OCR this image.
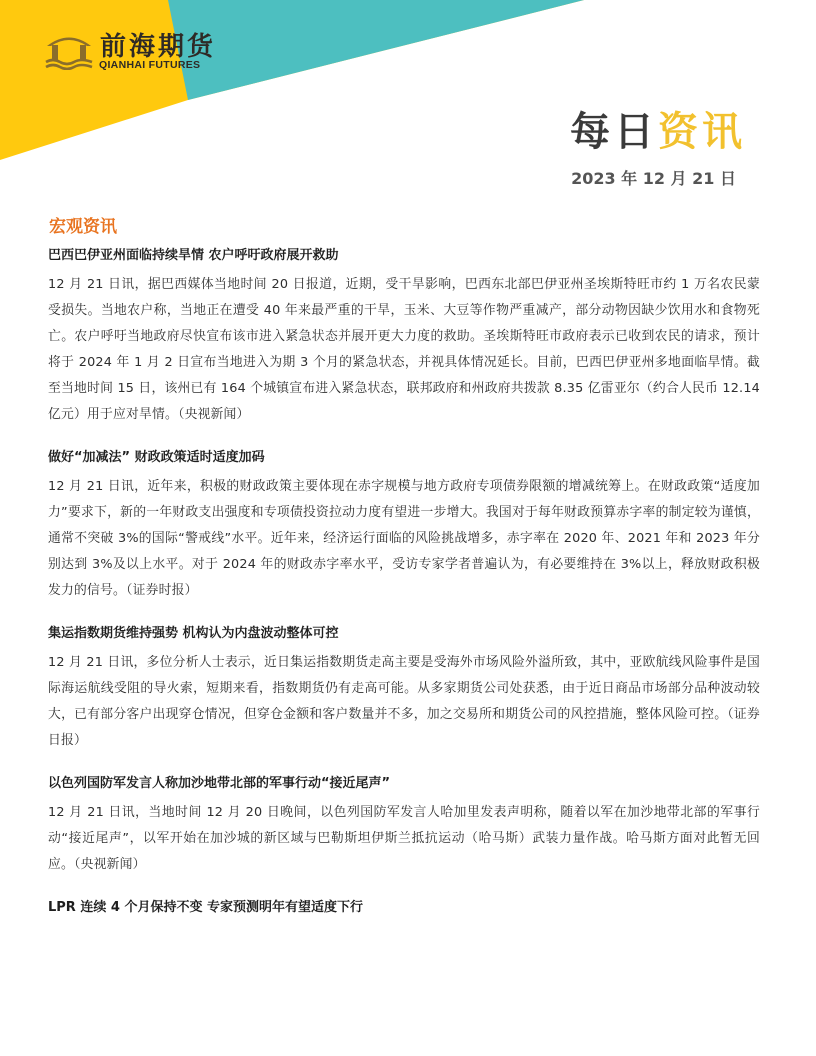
前海期货
QIANHAI FUTURES
每日资讯
2023 年 12 月 21 日
宏观资讯
巴西巴伊亚州面临持续旱情 农户呼吁政府展开救助

12 月 21 日讯，据巴西媒体当地时间 20 日报道，近期，受干旱影响，巴西东北部巴伊亚州圣埃斯特旺市约 1 万名农民蒙受损失。当地农户称，当地正在遭受 40 年来最严重的干旱，玉米、大豆等作物严重减产，部分动物因缺少饮用水和食物死亡。农户呼吁当地政府尽快宣布该市进入紧急状态并展开更大力度的救助。圣埃斯特旺市政府表示已收到农民的请求，预计将于 2024 年 1 月 2 日宣布当地进入为期 3 个月的紧急状态，并视具体情况延长。目前，巴西巴伊亚州多地面临旱情。截至当地时间 15 日，该州已有 164 个城镇宣布进入紧急状态，联邦政府和州政府共拨款 8.35 亿雷亚尔（约合人民币 12.14 亿元）用于应对旱情。（央视新闻）

做好“加减法” 财政政策适时适度加码

12 月 21 日讯，近年来，积极的财政政策主要体现在赤字规模与地方政府专项债券限额的增减统筹上。在财政政策“适度加力”要求下，新的一年财政支出强度和专项债投资拉动力度有望进一步增大。我国对于每年财政预算赤字率的制定较为谨慎，通常不突破 3%的国际“警戒线”水平。近年来，经济运行面临的风险挑战增多，赤字率在 2020 年、2021 年和 2023 年分别达到 3%及以上水平。对于 2024 年的财政赤字率水平，受访专家学者普遍认为，有必要维持在 3%以上，释放财政积极发力的信号。（证券时报）

集运指数期货维持强势 机构认为内盘波动整体可控

12 月 21 日讯，多位分析人士表示，近日集运指数期货走高主要是受海外市场风险外溢所致，其中，亚欧航线风险事件是国际海运航线受阻的导火索，短期来看，指数期货仍有走高可能。从多家期货公司处获悉，由于近日商品市场部分品种波动较大，已有部分客户出现穿仓情况，但穿仓金额和客户数量并不多，加之交易所和期货公司的风控措施，整体风险可控。（证券日报）

以色列国防军发言人称加沙地带北部的军事行动“接近尾声”

12 月 21 日讯，当地时间 12 月 20 日晚间，以色列国防军发言人哈加里发表声明称，随着以军在加沙地带北部的军事行动“接近尾声”，以军开始在加沙城的新区域与巴勒斯坦伊斯兰抵抗运动（哈马斯）武装力量作战。哈马斯方面对此暂无回应。（央视新闻）

LPR 连续 4 个月保持不变 专家预测明年有望适度下行
